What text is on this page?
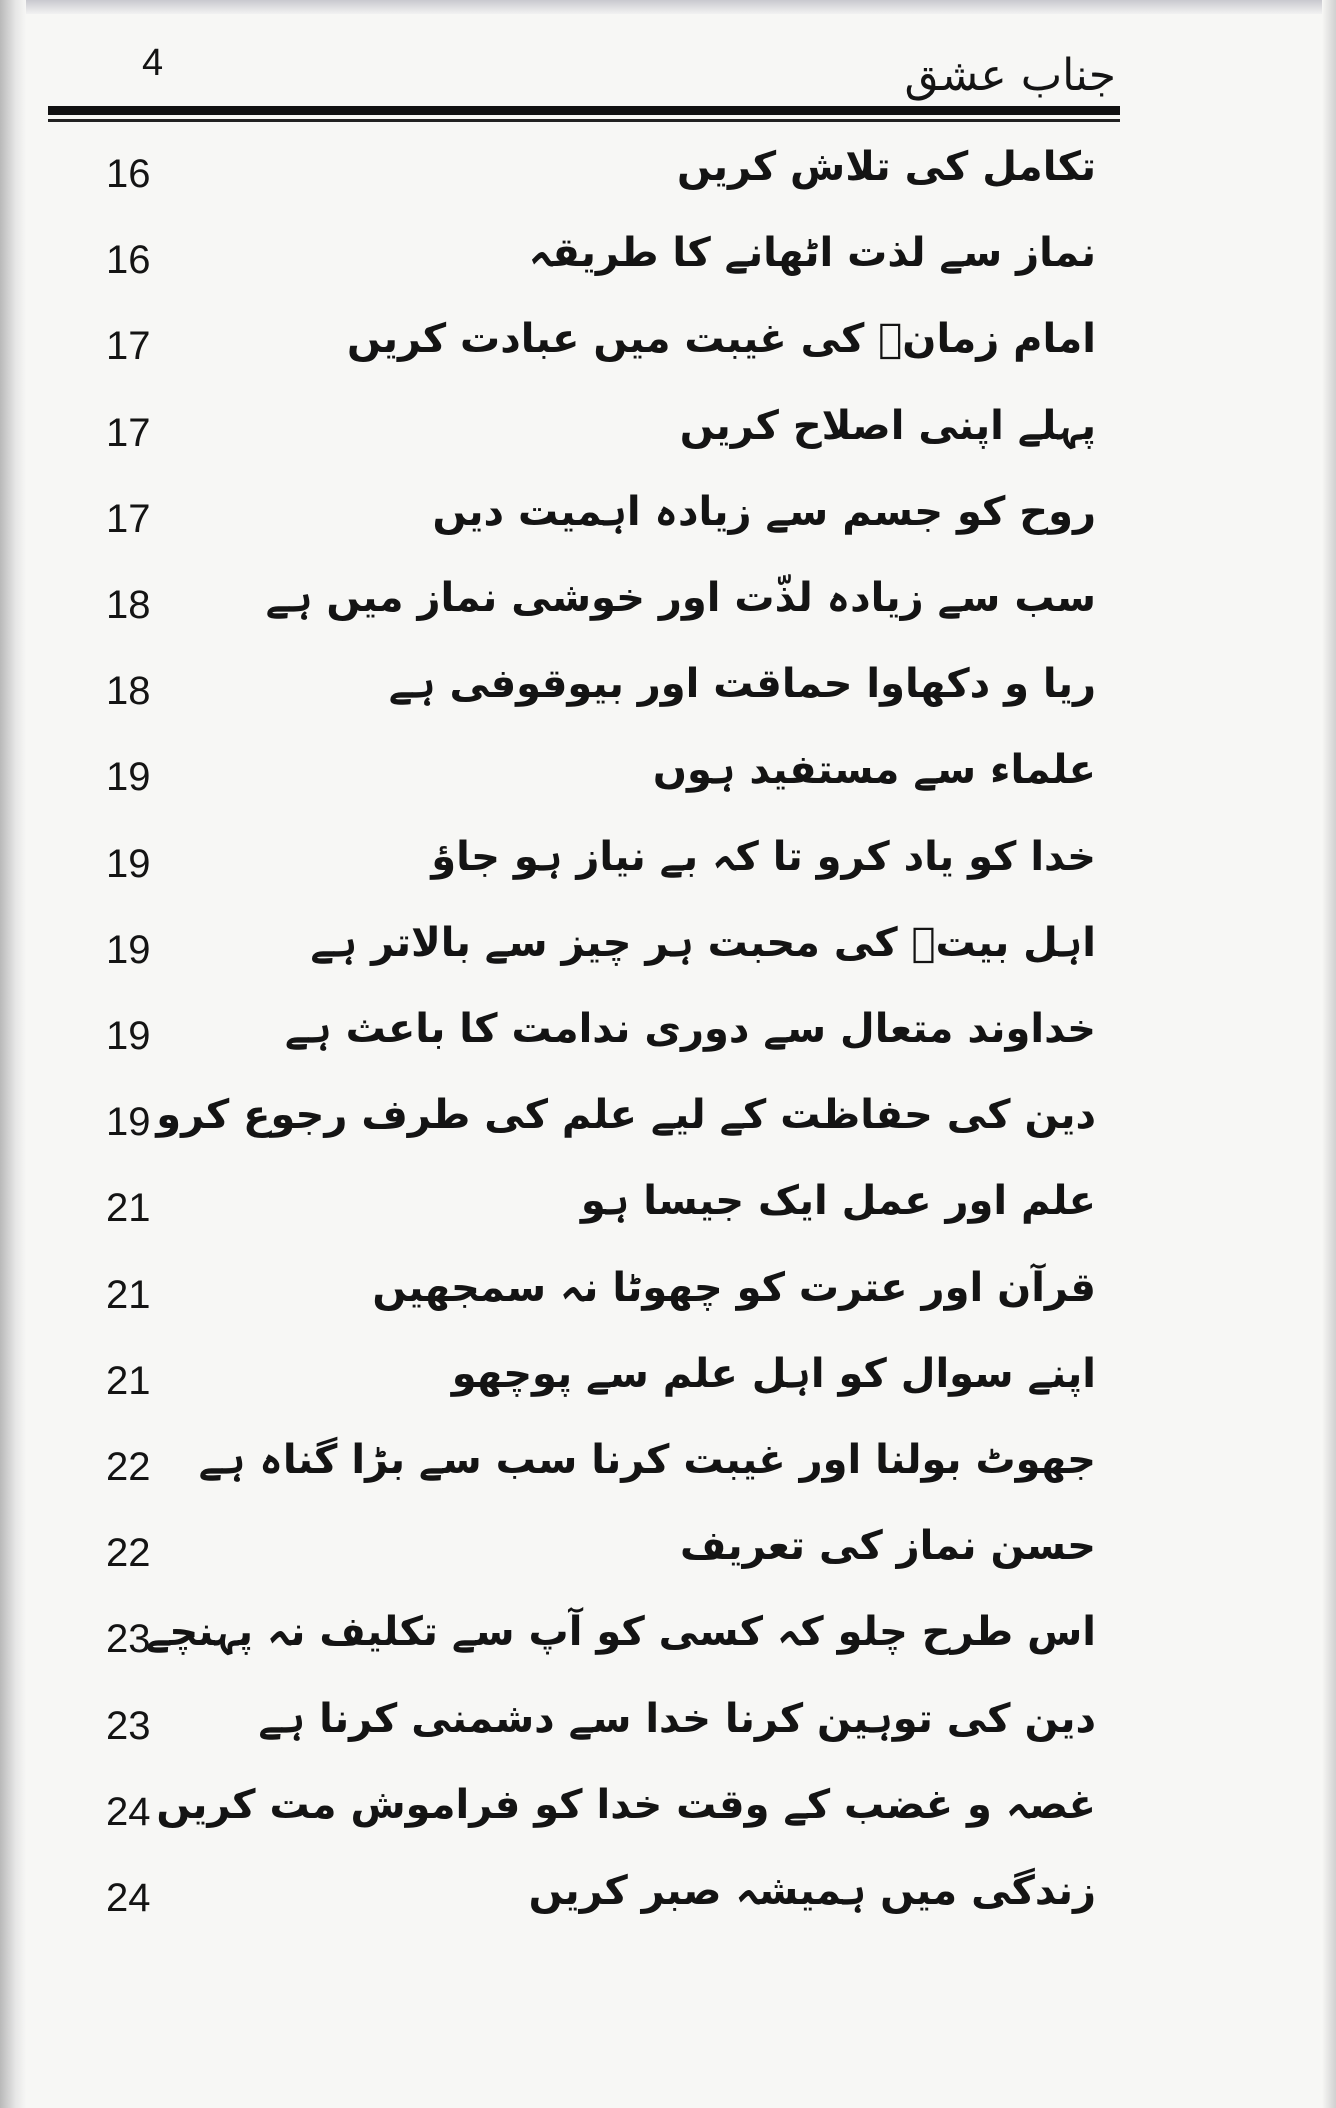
4	جناب عشق
تکامل کی تلاش کریں
16
نماز سے لذت اٹھانے کا طریقہ
16
امام زمانؑ کی غیبت میں عبادت کریں
17
پہلے اپنی اصلاح کریں
17
روح کو جسم سے زیادہ اہمیت دیں
17
سب سے زیادہ لذّت اور خوشی نماز میں ہے
18
ریا و دکھاوا حماقت اور بیوقوفی ہے
18
علماء سے مستفید ہوں
19
خدا کو یاد کرو تا کہ بے نیاز ہو جاؤ
19
اہل بیتؑ کی محبت ہر چیز سے بالاتر ہے
19
خداوند متعال سے دوری ندامت کا باعث ہے
19
دین کی حفاظت کے لیے علم کی طرف رجوع کرو
19
علم اور عمل ایک جیسا ہو
21
قرآن اور عترت کو چھوٹا نہ سمجھیں
21
اپنے سوال کو اہل علم سے پوچھو
21
جھوٹ بولنا اور غیبت کرنا سب سے بڑا گناہ ہے
22
حسن نماز کی تعریف
22
اس طرح چلو کہ کسی کو آپ سے تکلیف نہ پہنچے
23
دین کی توہین کرنا خدا سے دشمنی کرنا ہے
23
غصہ و غضب کے وقت خدا کو فراموش مت کریں
24
زندگی میں ہمیشہ صبر کریں
24
